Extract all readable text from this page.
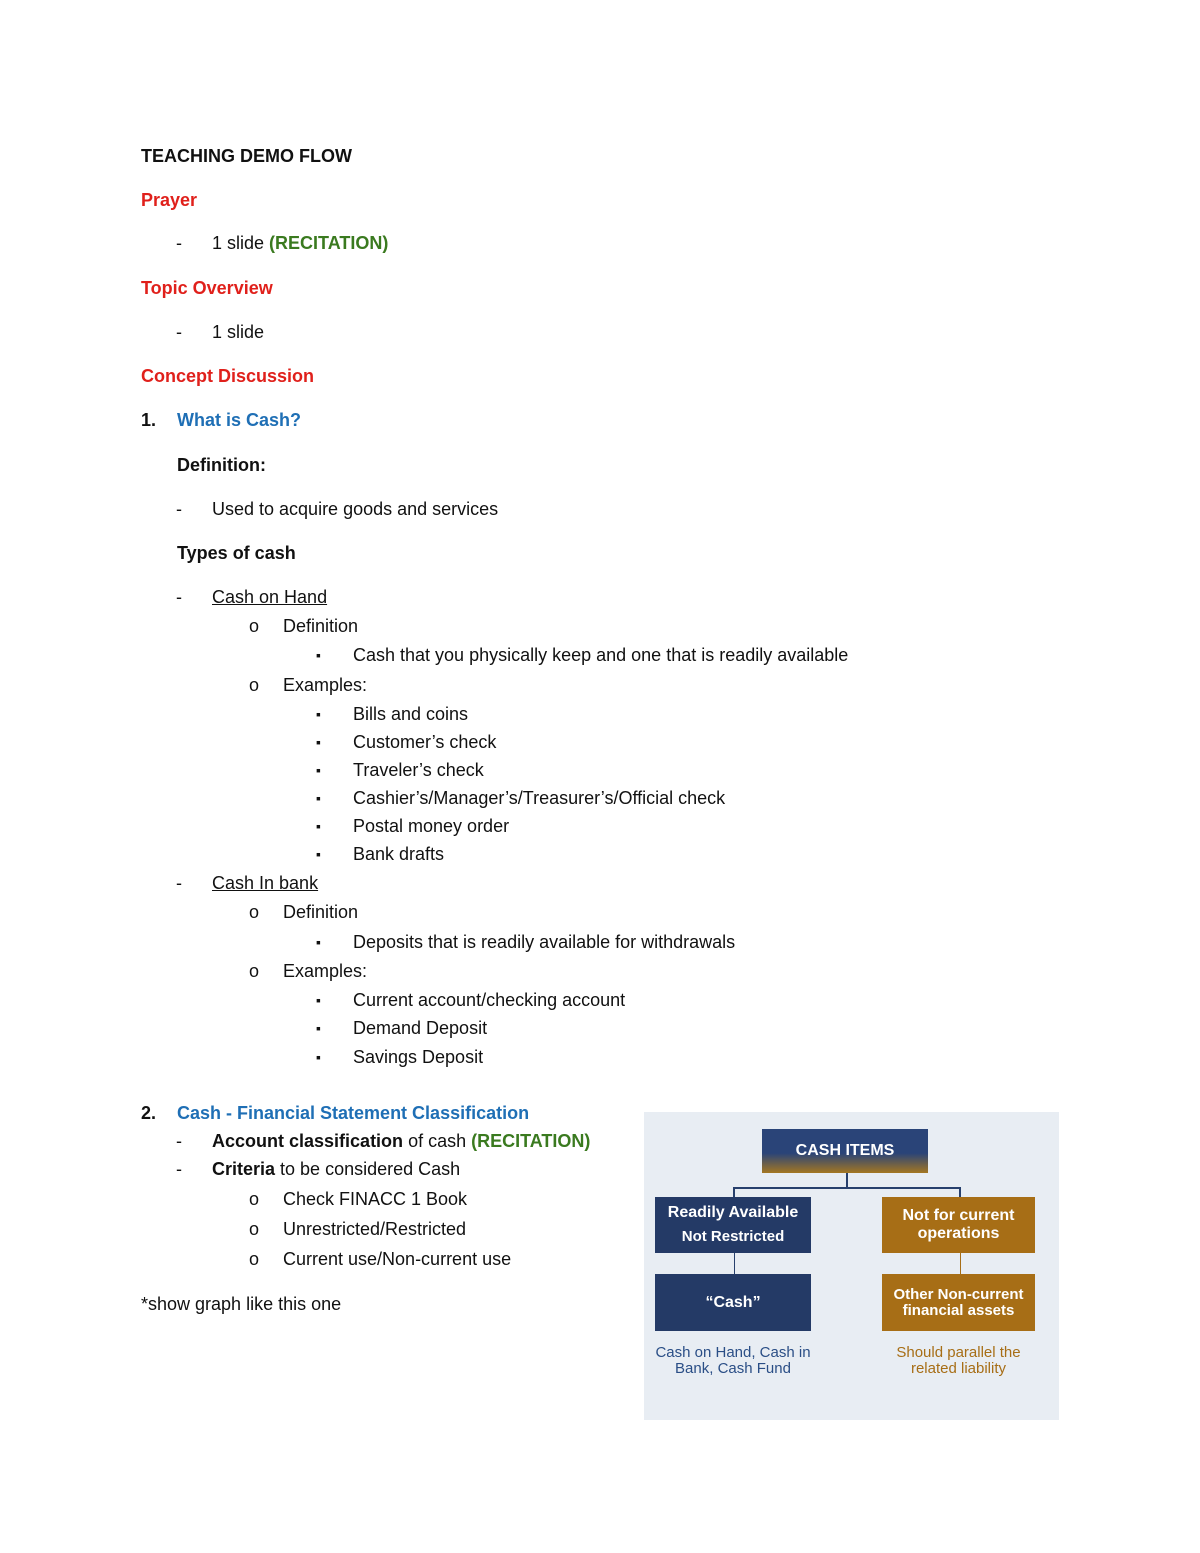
TEACHING DEMO FLOW
Prayer
- 1 slide (RECITATION)
Topic Overview
- 1 slide
Concept Discussion
1. What is Cash?
Definition:
- Used to acquire goods and services
Types of cash
- Cash on Hand
o Definition
▪ Cash that you physically keep and one that is readily available
o Examples:
▪ Bills and coins
▪ Customer’s check
▪ Traveler’s check
▪ Cashier’s/Manager’s/Treasurer’s/Official check
▪ Postal money order
▪ Bank drafts
- Cash In bank
o Definition
▪ Deposits that is readily available for withdrawals
o Examples:
▪ Current account/checking account
▪ Demand Deposit
▪ Savings Deposit
2. Cash - Financial Statement Classification
- Account classification of cash (RECITATION)
- Criteria to be considered Cash
o Check FINACC 1 Book
o Unrestricted/Restricted
o Current use/Non-current use
*show graph like this one
CASH ITEMS
Readily Available
Not Restricted
Not for current operations
“Cash”	Other Non-current financial assets
Cash on Hand, Cash in Bank, Cash Fund
Should parallel the related liability
